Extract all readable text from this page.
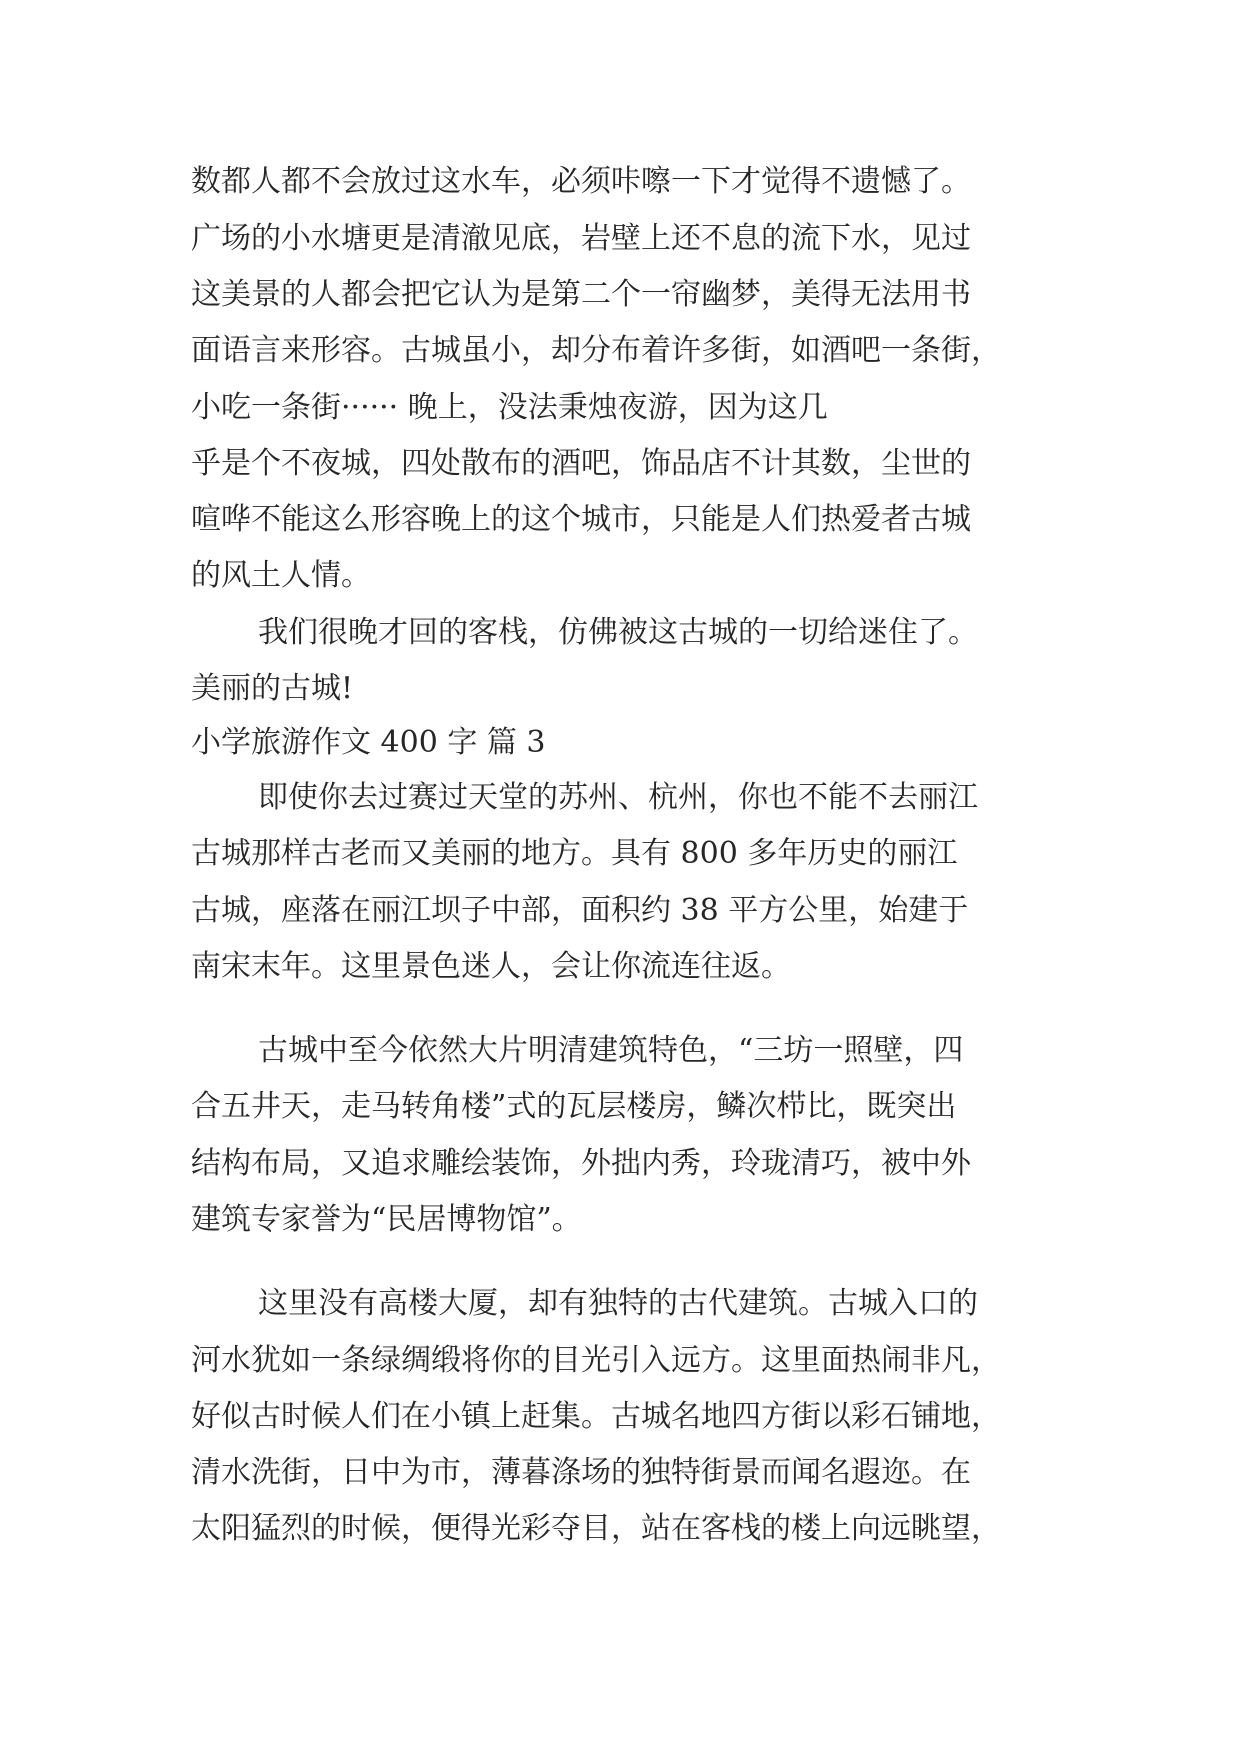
数都人都不会放过这水车，必须咔嚓一下才觉得不遗憾了。

广场的小水塘更是清澈见底，岩壁上还不息的流下水，见过

这美景的人都会把它认为是第二个一帘幽梦，美得无法用书

面语言来形容。古城虽小，却分布着许多街，如酒吧一条街，

小吃一条街······ 晚上，没法秉烛夜游，因为这几

乎是个不夜城，四处散布的酒吧，饰品店不计其数，尘世的

喧哗不能这么形容晚上的这个城市，只能是人们热爱者古城

的风土人情。

我们很晚才回的客栈，仿佛被这古城的一切给迷住了。

美丽的古城!

小学旅游作文 400 字 篇 3

即使你去过赛过天堂的苏州、杭州，你也不能不去丽江

古城那样古老而又美丽的地方。具有 800 多年历史的丽江

古城，座落在丽江坝子中部，面积约 38 平方公里，始建于

南宋末年。这里景色迷人，会让你流连往返。

古城中至今依然大片明清建筑特色，“三坊一照壁，四

合五井天，走马转角楼”式的瓦层楼房，鳞次栉比，既突出

结构布局，又追求雕绘装饰，外拙内秀，玲珑清巧，被中外

建筑专家誉为“民居博物馆”。

这里没有高楼大厦，却有独特的古代建筑。古城入口的

河水犹如一条绿绸缎将你的目光引入远方。这里面热闹非凡，

好似古时候人们在小镇上赶集。古城名地四方街以彩石铺地，

清水洗街，日中为市，薄暮涤场的独特街景而闻名遐迩。在

太阳猛烈的时候，便得光彩夺目，站在客栈的楼上向远眺望，
